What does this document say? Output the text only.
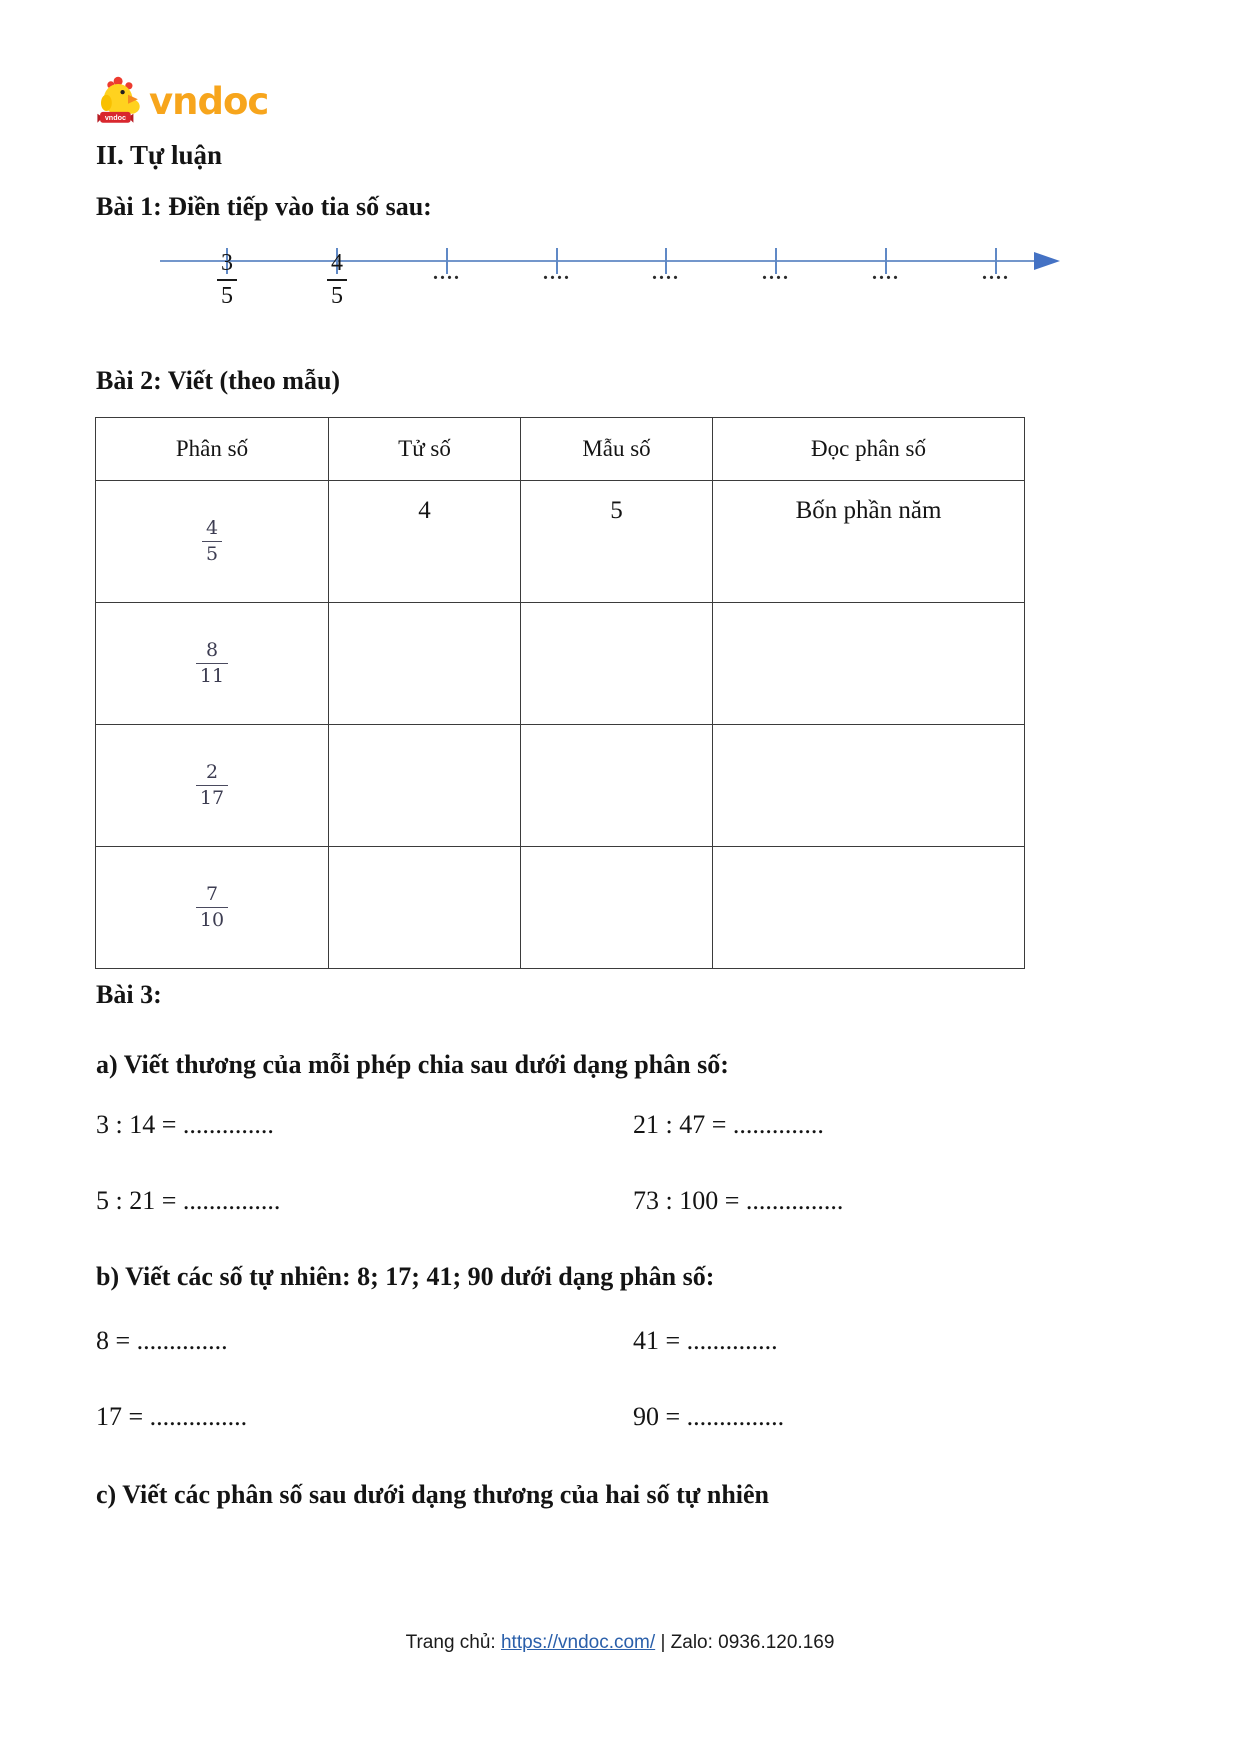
vndoc vndoc
II. Tự luận
Bài 1: Điền tiếp vào tia số sau:
$\frac{3}{5}$	$\frac{4}{5}$	....	....	....	....	....	....
Bài 2: Viết (theo mẫu)
Phân số	Tử số	Mẫu số	Đọc phân số

$\frac{4}{5}$	4	5	Bốn phần năm

$\frac{8}{11}$

$\frac{2}{17}$

$\frac{7}{10}$

Bài 3:
a) Viết thương của mỗi phép chia sau dưới dạng phân số:
3 : 14 = ..............	21 : 47 = ..............
5 : 21 = ...............	73 : 100 = ...............
b) Viết các số tự nhiên: 8; 17; 41; 90 dưới dạng phân số:
8 = ..............	41 = ..............
17 = ...............	90 = ...............
c) Viết các phân số sau dưới dạng thương của hai số tự nhiên
Trang chủ: https://vndoc.com/ | Zalo: 0936.120.169
